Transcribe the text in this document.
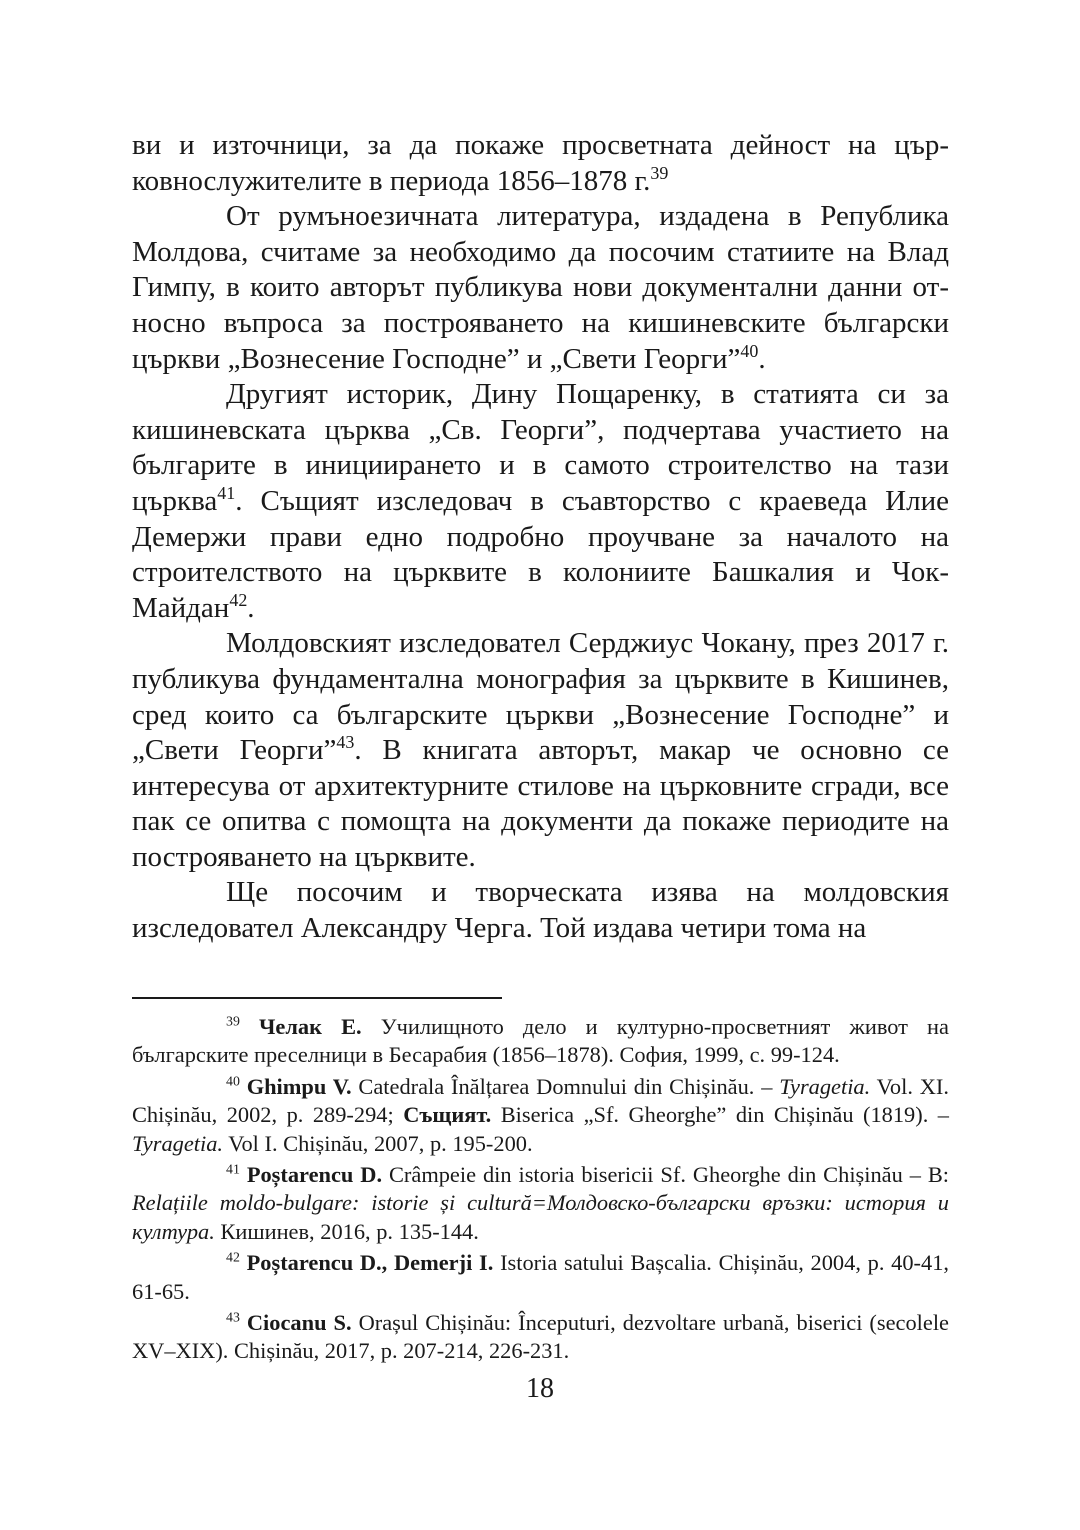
ви и източници, за да покаже просветната дейност на църковнослужителите в периода 1856–1878 г.$^{39}$

От румъноезичната литература, издадена в Република Молдова, считаме за необходимо да посочим статиите на Влад Гимпу, в които авторът публикува нови документални данни относно въпроса за построяването на кишиневските български църкви „Вознесение Господне” и „Свети Георги”$^{40}$.

Другият историк, Дину Пощаренку, в статията си за кишиневската църква „Св. Георги”, подчертава участието на българите в инициирането и в самото строителство на тази църква$^{41}$. Същият изследовач в съавторство с краеведа Илие Демержи прави едно подробно проучване за началото на строителството на църквите в колониите Башкалия и Чок-Майдан$^{42}$.

Молдовският изследовател Серджиус Чокану, през 2017 г. публикува фундаментална монография за църквите в Кишинев, сред които са българските църкви „Вознесение Господне” и „Свети Георги”$^{43}$. В книгата авторът, макар че основно се интересува от архитектурните стилове на църковните сгради, все пак се опитва с помощта на документи да покаже периодите на построяването на църквите.

Ще посочим и творческата изява на молдовския изследовател Александру Черга. Той издава четири тома на

$^{39}$ Челак Е. Училищното дело и културно-просветният живот на българските преселници в Бесарабия (1856–1878). София, 1999, с. 99-124.

$^{40}$ Ghimpu V. Catedrala Înălțarea Domnului din Chișinău. – Tyragetia. Vol. XI. Chișinău, 2002, p. 289-294; Същият. Biserica „Sf. Gheorghe” din Chișinău (1819). – Tyragetia. Vol I. Chișinău, 2007, p. 195-200.

$^{41}$ Poștarencu D. Crâmpeie din istoria bisericii Sf. Gheorghe din Chișinău – В: Relațiile moldo-bulgare: istorie și cultură=Молдовско-български връзки: история и култура. Кишинев, 2016, p. 135-144.

$^{42}$ Poștarencu D., Demerji I. Istoria satului Bașcalia. Chișinău, 2004, p. 40-41, 61-65.

$^{43}$ Ciocanu S. Orașul Chișinău: Începuturi, dezvoltare urbană, biserici (secolele XV–XIX). Chișinău, 2017, p. 207-214, 226-231.

18
